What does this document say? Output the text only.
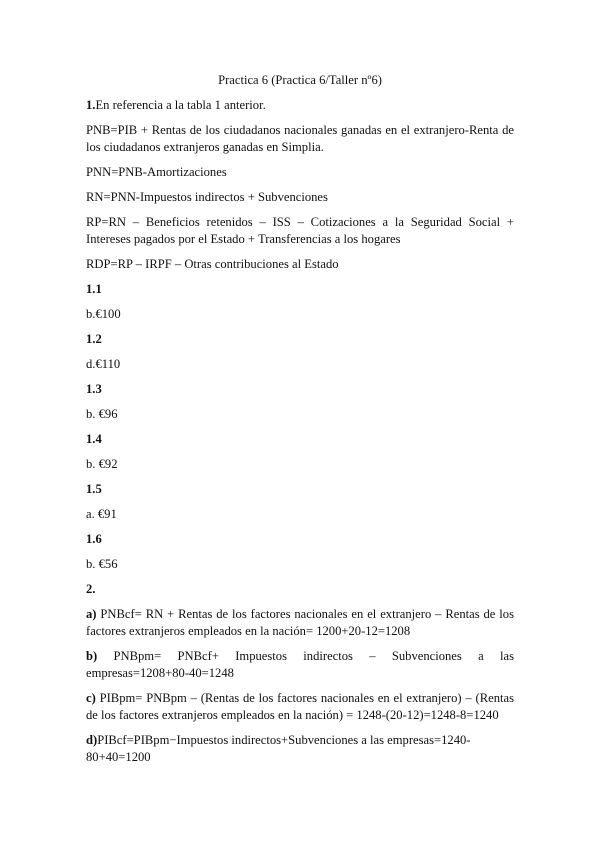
Practica 6 (Practica 6/Taller nº6)

1.En referencia a la tabla 1 anterior.

PNB=PIB + Rentas de los ciudadanos nacionales ganadas en el extranjero-Renta de los ciudadanos extranjeros ganadas en Simplia.

PNN=PNB-Amortizaciones

RN=PNN-Impuestos indirectos + Subvenciones

RP=RN – Beneficios retenidos – ISS – Cotizaciones a la Seguridad Social + Intereses pagados por el Estado + Transferencias a los hogares

RDP=RP – IRPF – Otras contribuciones al Estado

1.1

b.€100

1.2

d.€110

1.3

b. €96

1.4

b. €92

1.5

a. €91

1.6

b. €56

2.

a) PNBcf= RN + Rentas de los factores nacionales en el extranjero – Rentas de los factores extranjeros empleados en la nación= 1200+20-12=1208

b) PNBpm= PNBcf+ Impuestos indirectos – Subvenciones a las empresas=1208+80-40=1248

c) PIBpm= PNBpm – (Rentas de los factores nacionales en el extranjero) – (Rentas de los factores extranjeros empleados en la nación) = 1248-(20-12)=1248-8=1240

d)PIBcf=PIBpm−Impuestos indirectos+Subvenciones a las empresas=1240-80+40=1200
